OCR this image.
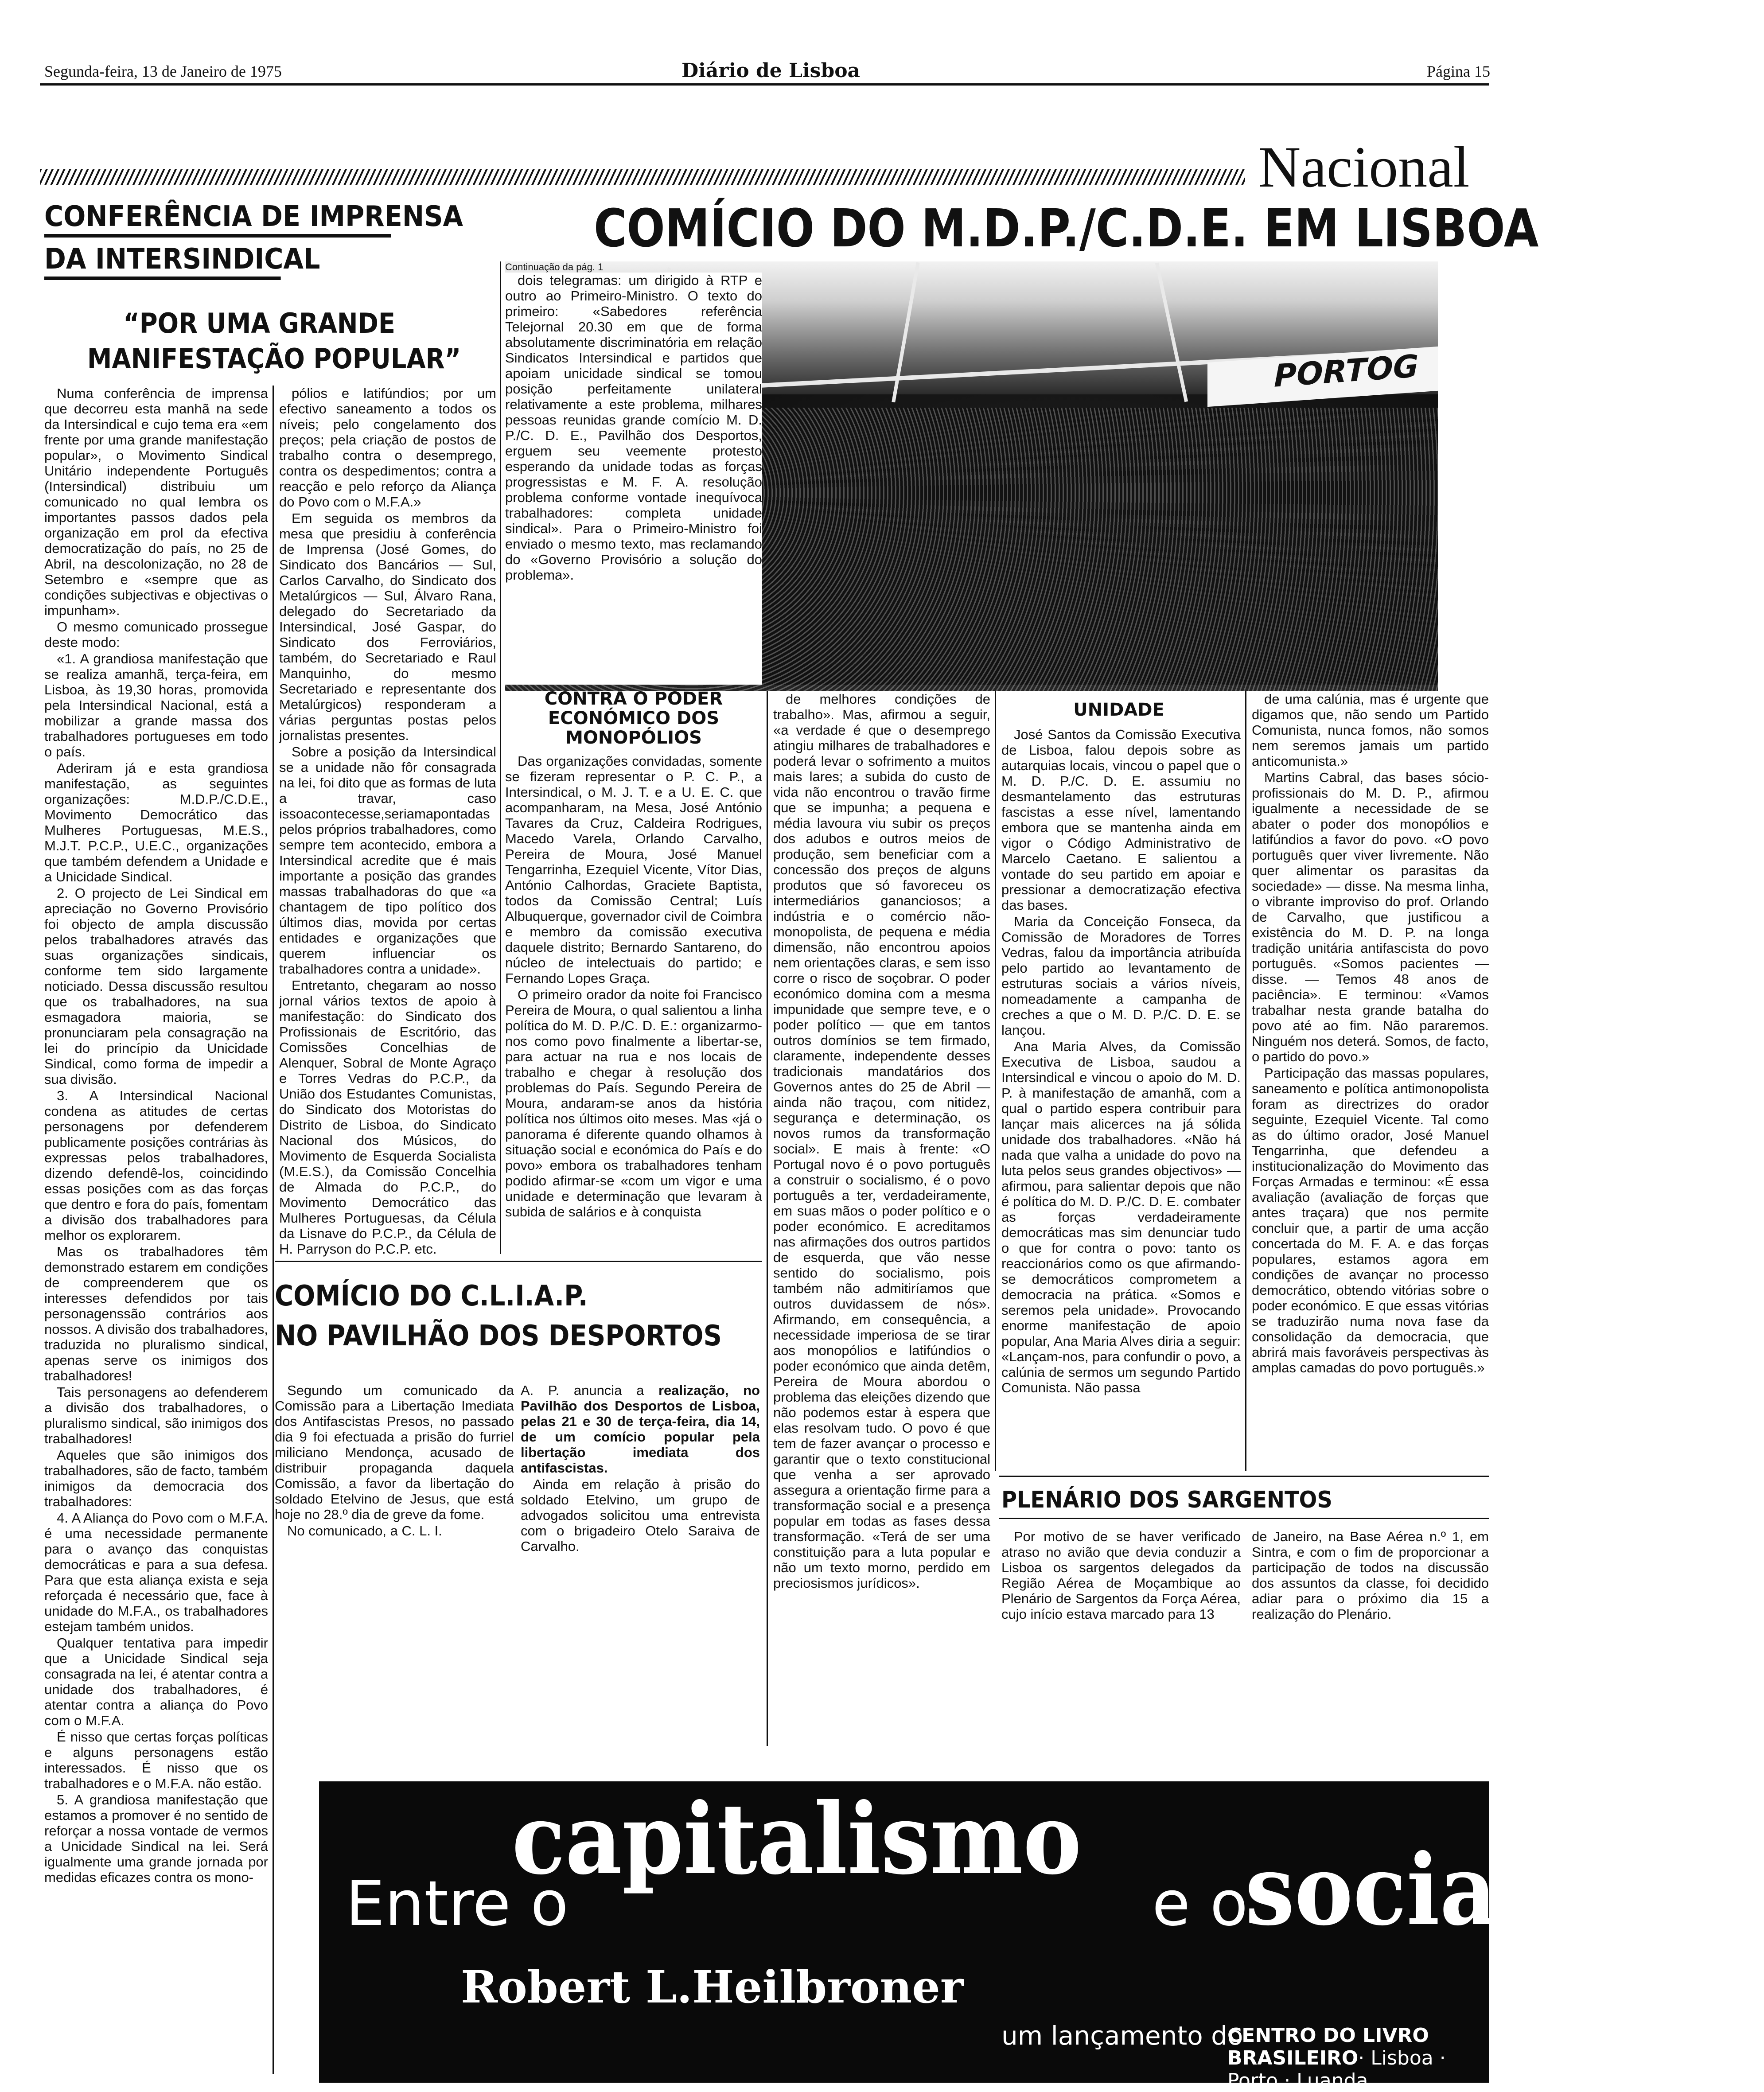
Segunda-feira, 13 de Janeiro de 1975	Diário de Lisboa	Página 15
Nacional
CONFERÊNCIA DE IMPRENSA
DA INTERSINDICAL
“POR UMA GRANDE
MANIFESTAÇÃO POPULAR”

Numa conferência de imprensa que decorreu esta manhã na sede da Intersindical e cujo tema era «em frente por uma grande manifestação popular», o Movimento Sindical Unitário independente Português (Intersindical) distribuiu um comunicado no qual lembra os importantes passos dados pela organização em prol da efectiva democratização do país, no 25 de Abril, na descolonização, no 28 de Setembro e «sempre que as condições subjectivas e objectivas o impunham».

O mesmo comunicado prossegue deste modo:

«1. A grandiosa manifestação que se realiza amanhã, terça-feira, em Lisboa, às 19,30 horas, promovida pela Intersindical Nacional, está a mobilizar a grande massa dos trabalhadores portugueses em todo o país.

Aderiram já e esta grandiosa manifestação, as seguintes organizações: M.D.P./C.D.E., Movimento Democrático das Mulheres Portuguesas, M.E.S., M.J.T. P.C.P., U.E.C., organizações que também defendem a Unidade e a Unicidade Sindical.

2. O projecto de Lei Sindical em apreciação no Governo Provisório foi objecto de ampla discussão pelos trabalhadores através das suas organizações sindicais, conforme tem sido largamente noticiado. Dessa discussão resultou que os trabalhadores, na sua esmagadora maioria, se pronunciaram pela consagração na lei do princípio da Unicidade Sindical, como forma de impedir a sua divisão.

3. A Intersindical Nacional condena as atitudes de certas personagens por defenderem publicamente posições contrárias às expressas pelos trabalhadores, dizendo defendê-los, coincidindo essas posições com as das forças que dentro e fora do país, fomentam a divisão dos trabalhadores para melhor os explorarem.

Mas os trabalhadores têm demonstrado estarem em condições de compreenderem que os interesses defendidos por tais personagenssão contrários aos nossos. A divisão dos trabalhadores, traduzida no pluralismo sindical, apenas serve os inimigos dos trabalhadores!

Tais personagens ao defenderem a divisão dos trabalhadores, o pluralismo sindical, são inimigos dos trabalhadores!

Aqueles que são inimigos dos trabalhadores, são de facto, também inimigos da democracia dos trabalhadores:

4. A Aliança do Povo com o M.F.A. é uma necessidade permanente para o avanço das conquistas democráticas e para a sua defesa. Para que esta aliança exista e seja reforçada é necessário que, face à unidade do M.F.A., os trabalhadores estejam também unidos.

Qualquer tentativa para impedir que a Unicidade Sindical seja consagrada na lei, é atentar contra a unidade dos trabalhadores, é atentar contra a aliança do Povo com o M.F.A.

É nisso que certas forças políticas e alguns personagens estão interessados. É nisso que os trabalhadores e o M.F.A. não estão.

5. A grandiosa manifestação que estamos a promover é no sentido de reforçar a nossa vontade de vermos a Unicidade Sindical na lei. Será igualmente uma grande jornada por medidas eficazes contra os mono-

pólios e latifúndios; por um efectivo saneamento a todos os níveis; pelo congelamento dos preços; pela criação de postos de trabalho contra o desemprego, contra os despedimentos; contra a reacção e pelo reforço da Aliança do Povo com o M.F.A.»

Em seguida os membros da mesa que presidiu à conferência de Imprensa (José Gomes, do Sindicato dos Bancários — Sul, Carlos Carvalho, do Sindicato dos Metalúrgicos — Sul, Álvaro Rana, delegado do Secretariado da Intersindical, José Gaspar, do Sindicato dos Ferroviários, também, do Secretariado e Raul Manquinho, do mesmo Secretariado e representante dos Metalúrgicos) responderam a várias perguntas postas pelos jornalistas presentes.

Sobre a posição da Intersindical se a unidade não fôr consagrada na lei, foi dito que as formas de luta a travar, caso issoacontecesse,seriamapontadas pelos próprios trabalhadores, como sempre tem acontecido, embora a Intersindical acredite que é mais importante a posição das grandes massas trabalhadoras do que «a chantagem de tipo político dos últimos dias, movida por certas entidades e organizações que querem influenciar os trabalhadores contra a unidade».

Entretanto, chegaram ao nosso jornal vários textos de apoio à manifestação: do Sindicato dos Profissionais de Escritório, das Comissões Concelhias de Alenquer, Sobral de Monte Agraço e Torres Vedras do P.C.P., da União dos Estudantes Comunistas, do Sindicato dos Motoristas do Distrito de Lisboa, do Sindicato Nacional dos Músicos, do Movimento de Esquerda Socialista (M.E.S.), da Comissão Concelhia de Almada do P.C.P., do Movimento Democrático das Mulheres Portuguesas, da Célula da Lisnave do P.C.P., da Célula de H. Parryson do P.C.P. etc.

COMÍCIO DO M.D.P./C.D.E. EM LISBOA
PORTOG
Continuação da pág. 1

dois telegramas: um dirigido à RTP e outro ao Primeiro-Ministro. O texto do primeiro: «Sabedores referência Telejornal 20.30 em que de forma absolutamente discriminatória em relação Sindicatos Intersindical e partidos que apoiam unicidade sindical se tomou posição perfeitamente unilateral relativamente a este problema, milhares pessoas reunidas grande comício M. D. P./C. D. E., Pavilhão dos Desportos, erguem seu veemente protesto esperando da unidade todas as forças progressistas e M. F. A. resolução problema conforme vontade inequívoca trabalhadores: completa unidade sindical». Para o Primeiro-Ministro foi enviado o mesmo texto, mas reclamando do «Governo Provisório a solução do problema».

CONTRA O PODER ECONÓMICO DOS MONOPÓLIOS

Das organizações convidadas, somente se fizeram representar o P. C. P., a Intersindical, o M. J. T. e a U. E. C. que acompanharam, na Mesa, José António Tavares da Cruz, Caldeira Rodrigues, Macedo Varela, Orlando Carvalho, Pereira de Moura, José Manuel Tengarrinha, Ezequiel Vicente, Vítor Dias, António Calhordas, Graciete Baptista, todos da Comissão Central; Luís Albuquerque, governador civil de Coimbra e membro da comissão executiva daquele distrito; Bernardo Santareno, do núcleo de intelectuais do partido; e Fernando Lopes Graça.

O primeiro orador da noite foi Francisco Pereira de Moura, o qual salientou a linha política do M. D. P./C. D. E.: organizarmo-nos como povo finalmente a libertar-se, para actuar na rua e nos locais de trabalho e chegar à resolução dos problemas do País. Segundo Pereira de Moura, andaram-se anos da história política nos últimos oito meses. Mas «já o panorama é diferente quando olhamos à situação social e económica do País e do povo» embora os trabalhadores tenham podido afirmar-se «com um vigor e uma unidade e determinação que levaram à subida de salários e à conquista

de melhores condições de trabalho». Mas, afirmou a seguir, «a verdade é que o desemprego atingiu milhares de trabalhadores e poderá levar o sofrimento a muitos mais lares; a subida do custo de vida não encontrou o travão firme que se impunha; a pequena e média lavoura viu subir os preços dos adubos e outros meios de produção, sem beneficiar com a concessão dos preços de alguns produtos que só favoreceu os intermediários gananciosos; a indústria e o comércio não-monopolista, de pequena e média dimensão, não encontrou apoios nem orientações claras, e sem isso corre o risco de soçobrar. O poder económico domina com a mesma impunidade que sempre teve, e o poder político — que em tantos outros domínios se tem firmado, claramente, independente desses tradicionais mandatários dos Governos antes do 25 de Abril — ainda não traçou, com nitidez, segurança e determinação, os novos rumos da transformação social». E mais à frente: «O Portugal novo é o povo português a construir o socialismo, é o povo português a ter, verdadeiramente, em suas mãos o poder político e o poder económico. E acreditamos nas afirmações dos outros partidos de esquerda, que vão nesse sentido do socialismo, pois também não admitiríamos que outros duvidassem de nós». Afirmando, em consequência, a necessidade imperiosa de se tirar aos monopólios e latifúndios o poder económico que ainda detêm, Pereira de Moura abordou o problema das eleições dizendo que não podemos estar à espera que elas resolvam tudo. O povo é que tem de fazer avançar o processo e garantir que o texto constitucional que venha a ser aprovado assegura a orientação firme para a transformação social e a presença popular em todas as fases dessa transformação. «Terá de ser uma constituição para a luta popular e não um texto morno, perdido em preciosismos jurídicos».

UNIDADE

José Santos da Comissão Executiva de Lisboa, falou depois sobre as autarquias locais, vincou o papel que o M. D. P./C. D. E. assumiu no desmantelamento das estruturas fascistas a esse nível, lamentando embora que se mantenha ainda em vigor o Código Administrativo de Marcelo Caetano. E salientou a vontade do seu partido em apoiar e pressionar a democratização efectiva das bases.

Maria da Conceição Fonseca, da Comissão de Moradores de Torres Vedras, falou da importância atribuída pelo partido ao levantamento de estruturas sociais a vários níveis, nomeadamente a campanha de creches a que o M. D. P./C. D. E. se lançou.

Ana Maria Alves, da Comissão Executiva de Lisboa, saudou a Intersindical e vincou o apoio do M. D. P. à manifestação de amanhã, com a qual o partido espera contribuir para lançar mais alicerces na já sólida unidade dos trabalhadores. «Não há nada que valha a unidade do povo na luta pelos seus grandes objectivos» — afirmou, para salientar depois que não é política do M. D. P./C. D. E. combater as forças verdadeiramente democráticas mas sim denunciar tudo o que for contra o povo: tanto os reaccionários como os que afirmando-se democráticos comprometem a democracia na prática. «Somos e seremos pela unidade». Provocando enorme manifestação de apoio popular, Ana Maria Alves diria a seguir: «Lançam-nos, para confundir o povo, a calúnia de sermos um segundo Partido Comunista. Não passa

de uma calúnia, mas é urgente que digamos que, não sendo um Partido Comunista, nunca fomos, não somos nem seremos jamais um partido anticomunista.»

Martins Cabral, das bases sócio-profissionais do M. D. P., afirmou igualmente a necessidade de se abater o poder dos monopólios e latifúndios a favor do povo. «O povo português quer viver livremente. Não quer alimentar os parasitas da sociedade» — disse. Na mesma linha, o vibrante improviso do prof. Orlando de Carvalho, que justificou a existência do M. D. P. na longa tradição unitária antifascista do povo português. «Somos pacientes — disse. — Temos 48 anos de paciência». E terminou: «Vamos trabalhar nesta grande batalha do povo até ao fim. Não pararemos. Ninguém nos deterá. Somos, de facto, o partido do povo.»

Participação das massas populares, saneamento e política antimonopolista foram as directrizes do orador seguinte, Ezequiel Vicente. Tal como as do último orador, José Manuel Tengarrinha, que defendeu a institucionalização do Movimento das Forças Armadas e terminou: «É essa avaliação (avaliação de forças que antes traçara) que nos permite concluir que, a partir de uma acção concertada do M. F. A. e das forças populares, estamos agora em condições de avançar no processo democrático, obtendo vitórias sobre o poder económico. E que essas vitórias se traduzirão numa nova fase da consolidação da democracia, que abrirá mais favoráveis perspectivas às amplas camadas do povo português.»

COMÍCIO DO C.L.I.A.P.
NO PAVILHÃO DOS DESPORTOS

Segundo um comunicado da Comissão para a Libertação Imediata dos Antifascistas Presos, no passado dia 9 foi efectuada a prisão do furriel miliciano Mendonça, acusado de distribuir propaganda daquela Comissão, a favor da libertação do soldado Etelvino de Jesus, que está hoje no 28.º dia de greve da fome.

No comunicado, a C. L. I.

A. P. anuncia a realização, no Pavilhão dos Desportos de Lisboa, pelas 21 e 30 de terça-feira, dia 14, de um comício popular pela libertação imediata dos antifascistas.

Ainda em relação à prisão do soldado Etelvino, um grupo de advogados solicitou uma entrevista com o brigadeiro Otelo Saraiva de Carvalho.

PLENÁRIO DOS SARGENTOS

Por motivo de se haver verificado atraso no avião que devia conduzir a Lisboa os sargentos delegados da Região Aérea de Moçambique ao Plenário de Sargentos da Força Aérea, cujo início estava marcado para 13

de Janeiro, na Base Aérea n.º 1, em Sintra, e com o fim de proporcionar a participação de todos na discussão dos assuntos da classe, foi decidido adiar para o próximo dia 15 a realização do Plenário.

Entre o
capitalismo
e o
socialismo
Robert L.Heilbroner
um lançamento do
CENTRO DO LIVRO BRASILEIRO· Lisboa · Porto · Luanda
